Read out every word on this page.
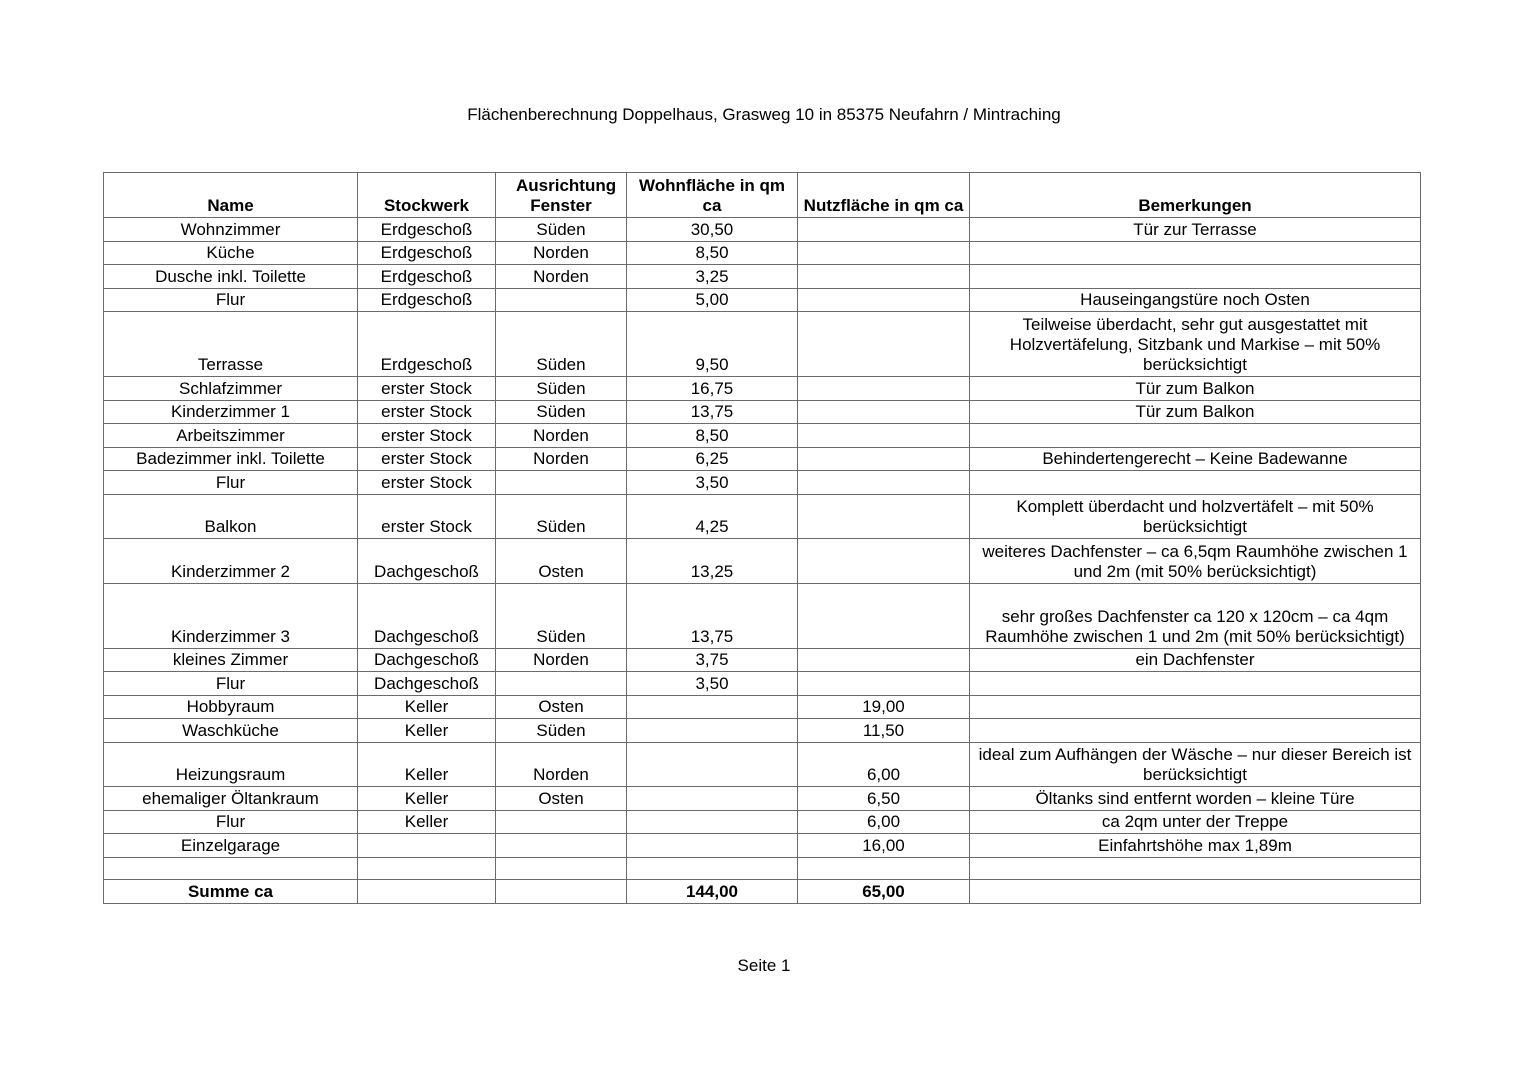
Flächenberechnung Doppelhaus, Grasweg 10 in 85375 Neufahrn / Mintraching
Name	Stockwerk	Ausrichtung Fenster	Wohnfläche in qm ca	Nutzfläche in qm ca	Bemerkungen
Wohnzimmer	Erdgeschoß	Süden	30,50		Tür zur Terrasse
Küche	Erdgeschoß	Norden	8,50		
Dusche inkl. Toilette	Erdgeschoß	Norden	3,25		
Flur	Erdgeschoß		5,00		Hauseingangstüre noch Osten
Terrasse	Erdgeschoß	Süden	9,50		Teilweise überdacht, sehr gut ausgestattet mit Holzvertäfelung, Sitzbank und Markise – mit 50% berücksichtigt
Schlafzimmer	erster Stock	Süden	16,75		Tür zum Balkon
Kinderzimmer 1	erster Stock	Süden	13,75		Tür zum Balkon
Arbeitszimmer	erster Stock	Norden	8,50		
Badezimmer inkl. Toilette	erster Stock	Norden	6,25		Behindertengerecht – Keine Badewanne
Flur	erster Stock		3,50		
Balkon	erster Stock	Süden	4,25		Komplett überdacht und holzvertäfelt – mit 50% berücksichtigt
Kinderzimmer 2	Dachgeschoß	Osten	13,25		weiteres Dachfenster – ca 6,5qm Raumhöhe zwischen 1 und 2m (mit 50% berücksichtigt)
Kinderzimmer 3	Dachgeschoß	Süden	13,75		sehr großes Dachfenster ca 120 x 120cm – ca 4qm Raumhöhe zwischen 1 und 2m (mit 50% berücksichtigt)
kleines Zimmer	Dachgeschoß	Norden	3,75		ein Dachfenster
Flur	Dachgeschoß		3,50		
Hobbyraum	Keller	Osten		19,00	
Waschküche	Keller	Süden		11,50	
Heizungsraum	Keller	Norden		6,00	ideal zum Aufhängen der Wäsche – nur dieser Bereich ist berücksichtigt
ehemaliger Öltankraum	Keller	Osten		6,50	Öltanks sind entfernt worden – kleine Türe
Flur	Keller			6,00	ca 2qm unter der Treppe
Einzelgarage				16,00	Einfahrtshöhe max 1,89m

Summe ca			144,00	65,00	
Seite 1
